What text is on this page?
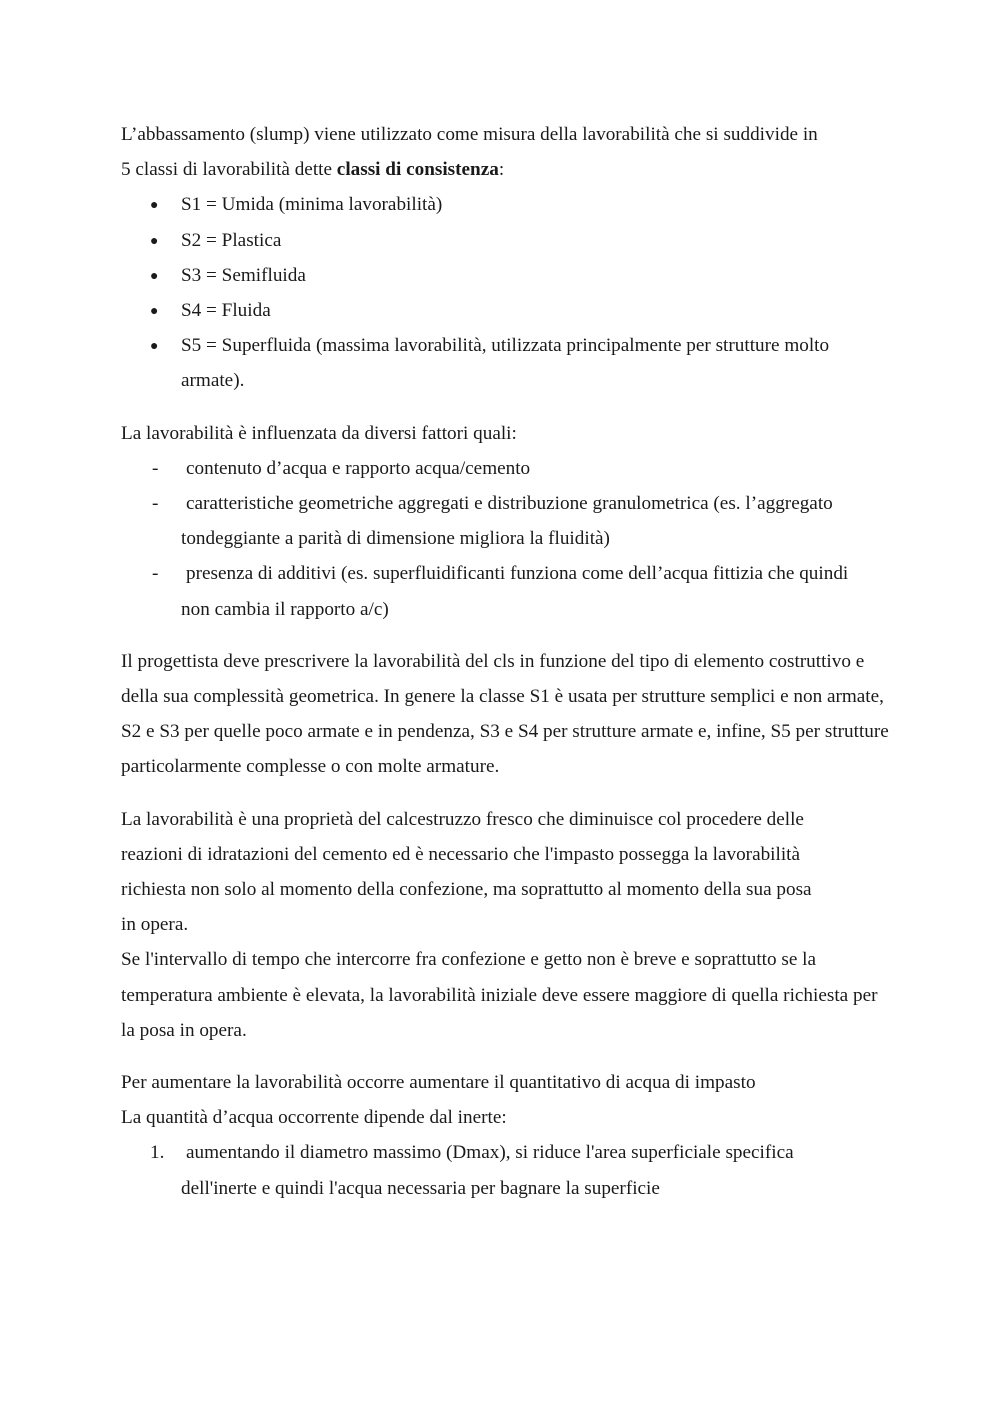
L’abbassamento (slump) viene utilizzato come misura della lavorabilità che si suddivide in 5 classi di lavorabilità dette classi di consistenza:

● S1 = Umida (minima lavorabilità)
● S2 = Plastica
● S3 = Semifluida
● S4 = Fluida
● S5 = Superfluida (massima lavorabilità, utilizzata principalmente per strutture molto armate).

La lavorabilità è influenzata da diversi fattori quali:

- contenuto d’acqua e rapporto acqua/cemento
- caratteristiche geometriche aggregati e distribuzione granulometrica (es. l’aggregato tondeggiante a parità di dimensione migliora la fluidità)
- presenza di additivi (es. superfluidificanti funziona come dell’acqua fittizia che quindi non cambia il rapporto a/c)

Il progettista deve prescrivere la lavorabilità del cls in funzione del tipo di elemento costruttivo e della sua complessità geometrica. In genere la classe S1 è usata per strutture semplici e non armate, S2 e S3 per quelle poco armate e in pendenza, S3 e S4 per strutture armate e, infine, S5 per strutture particolarmente complesse o con molte armature.

La lavorabilità è una proprietà del calcestruzzo fresco che diminuisce col procedere delle reazioni di idratazioni del cemento ed è necessario che l'impasto possegga la lavorabilità richiesta non solo al momento della confezione, ma soprattutto al momento della sua posa in opera.

Se l'intervallo di tempo che intercorre fra confezione e getto non è breve e soprattutto se la temperatura ambiente è elevata, la lavorabilità iniziale deve essere maggiore di quella richiesta per la posa in opera.

Per aumentare la lavorabilità occorre aumentare il quantitativo di acqua di impasto

La quantità d’acqua occorrente dipende dal inerte:

1. aumentando il diametro massimo (Dmax), si riduce l'area superficiale specifica dell'inerte e quindi l'acqua necessaria per bagnare la superficie
